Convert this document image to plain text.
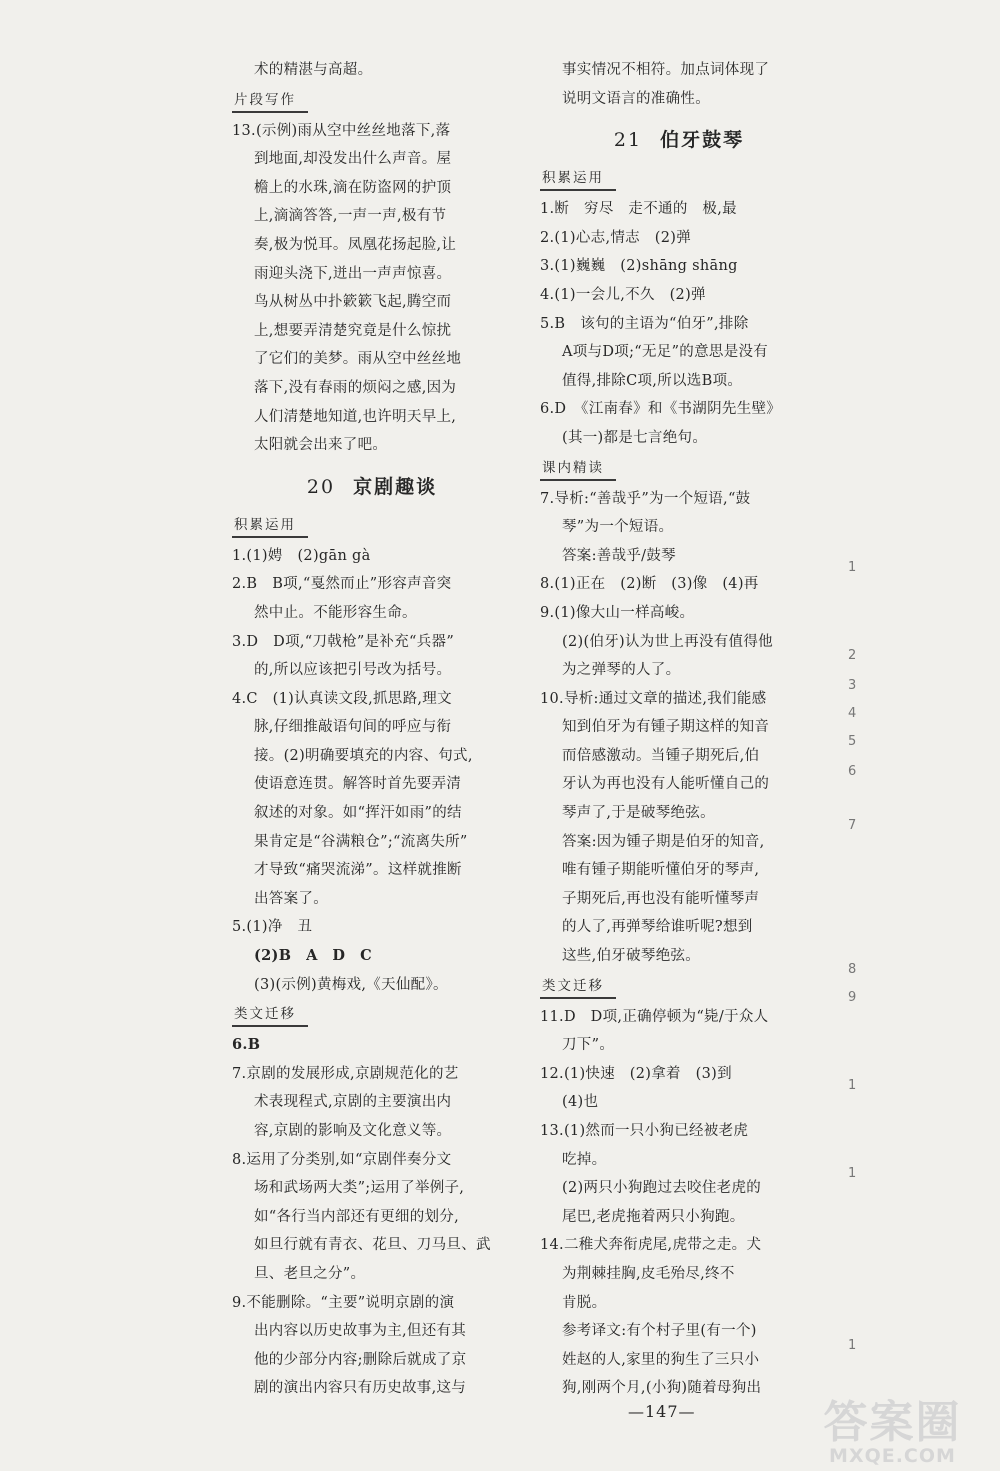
术的精湛与高超。
片段写作
13.(示例)雨从空中丝丝地落下,落
到地面,却没发出什么声音。屋
檐上的水珠,滴在防盗网的护顶
上,滴滴答答,一声一声,极有节
奏,极为悦耳。凤凰花扬起脸,让
雨迎头浇下,迸出一声声惊喜。
鸟从树丛中扑簌簌飞起,腾空而
上,想要弄清楚究竟是什么惊扰
了它们的美梦。雨从空中丝丝地
落下,没有春雨的烦闷之感,因为
人们清楚地知道,也许明天早上,
太阳就会出来了吧。
20 京剧趣谈
积累运用
1.(1)娉　(2)gān gà
2.B　B项,“戛然而止”形容声音突
然中止。不能形容生命。
3.D　D项,“刀戟枪”是补充“兵器”
的,所以应该把引号改为括号。
4.C　(1)认真读文段,抓思路,理文
脉,仔细推敲语句间的呼应与衔
接。(2)明确要填充的内容、句式,
使语意连贯。解答时首先要弄清
叙述的对象。如“挥汗如雨”的结
果肯定是“谷满粮仓”;“流离失所”
才导致“痛哭流涕”。这样就推断
出答案了。
5.(1)净　丑
(2)B　A　D　C
(3)(示例)黄梅戏,《天仙配》。
类文迁移
6.B
7.京剧的发展形成,京剧规范化的艺
术表现程式,京剧的主要演出内
容,京剧的影响及文化意义等。
8.运用了分类别,如“京剧伴奏分文
场和武场两大类”;运用了举例子,
如“各行当内部还有更细的划分,
如旦行就有青衣、花旦、刀马旦、武
旦、老旦之分”。
9.不能删除。“主要”说明京剧的演
出内容以历史故事为主,但还有其
他的少部分内容;删除后就成了京
剧的演出内容只有历史故事,这与
事实情况不相符。加点词体现了
说明文语言的准确性。
21 伯牙鼓琴
积累运用
1.断　穷尽　走不通的　极,最
2.(1)心志,情志　(2)弹
3.(1)巍巍　(2)shāng shāng
4.(1)一会儿,不久　(2)弹
5.B　该句的主语为“伯牙”,排除
A项与D项;“无足”的意思是没有
值得,排除C项,所以选B项。
6.D　《江南春》和《书湖阴先生壁》
(其一)都是七言绝句。
课内精读
7.导析:“善哉乎”为一个短语,“鼓
琴”为一个短语。
答案:善哉乎/鼓琴
8.(1)正在　(2)断　(3)像　(4)再
9.(1)像大山一样高峻。
(2)(伯牙)认为世上再没有值得他
为之弹琴的人了。
10.导析:通过文章的描述,我们能感
知到伯牙为有锺子期这样的知音
而倍感激动。当锺子期死后,伯
牙认为再也没有人能听懂自己的
琴声了,于是破琴绝弦。
答案:因为锺子期是伯牙的知音,
唯有锺子期能听懂伯牙的琴声,
子期死后,再也没有能听懂琴声
的人了,再弹琴给谁听呢?想到
这些,伯牙破琴绝弦。
类文迁移
11.D　D项,正确停顿为“毙/于众人
刀下”。
12.(1)快速　(2)拿着　(3)到
(4)也
13.(1)然而一只小狗已经被老虎
吃掉。
(2)两只小狗跑过去咬住老虎的
尾巴,老虎拖着两只小狗跑。
14.二稚犬奔衔虎尾,虎带之走。犬
为荆棘挂胸,皮毛殆尽,终不
肯脱。
参考译文:有个村子里(有一个)
姓赵的人,家里的狗生了三只小
狗,刚两个月,(小狗)随着母狗出
1
2
3
4
5
6
7
8
9
1
1
1
—147—	答案圈
MXQE.COM
